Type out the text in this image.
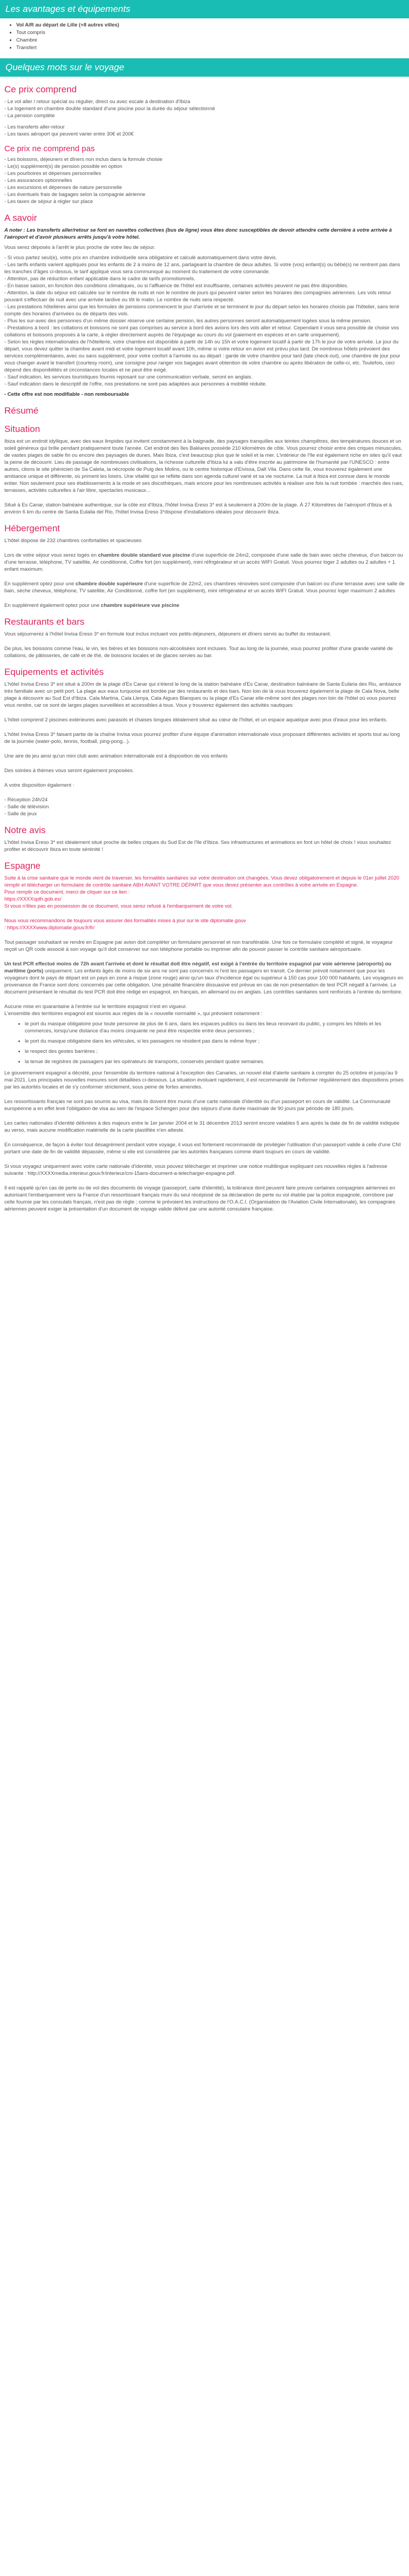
Les avantages et équipements
• Vol A/R au départ de Lille (+8 autres villes)
• Tout compris
• Chambre
• Transfert
Quelques mots sur le voyage
Ce prix comprend

- Le vol aller / retour spécial ou régulier, direct ou avec escale à destination d'Ibiza

- Le logement en chambre double standard d'une piscine pour la durée du séjour sélectionné

- La pension complète

- Les transferts aller-retour

- Les taxes aéroport qui peuvent varier entre 30€ et 200€

Ce prix ne comprend pas

- Les boissons, déjeuners et dîners non inclus dans la formule choisie

- Le(s) supplément(s) de pension possible en option

- Les pourboires et dépenses personnelles

- Les assurances optionnelles

- Les excursions et dépenses de nature personnelle

- Les éventuels frais de bagages selon la compagnie aérienne

- Les taxes de séjour à régler sur place

A savoir

A noter : Les transferts aller/retour se font en navettes collectives (bus de ligne) vous êtes donc susceptibles de devoir attendre cette dernière à votre arrivée à l'aéroport et d'avoir plusieurs arrêts jusqu'à votre hôtel.

Vous serez déposés à l'arrêt le plus proche de votre lieu de séjour.

- Si vous partez seul(e), votre prix en chambre individuelle sera obligatoire et calculé automatiquement dans votre devis.
- Les tarifs enfants varient appliqués pour les enfants de 2 à moins de 12 ans, partageant la chambre de deux adultes. Si votre (vos) enfant(s) ou bébé(s) ne rentrent pas dans les tranches d'âges ci-dessus, le tarif appliqué vous sera communiqué au moment du traitement de votre commande.
- Attention, pas de réduction enfant applicable dans le cadre de tarifs promotionnels.
- En basse saison, en fonction des conditions climatiques, ou si l'affluence de l'hôtel est insuffisante, certaines activités peuvent ne pas être disponibles.
- Attention, la date du séjour est calculée sur le nombre de nuits et non le nombre de jours qui peuvent varier selon les horaires des compagnies aériennes. Les vols retour pouvant s'effectuer de nuit avec une arrivée tardive ou tôt le matin. Le nombre de nuits sera respecté.
- Les prestations hôtelières ainsi que les formules de pensions commencent le jour d'arrivée et se terminent le jour du départ selon les horaires choisis par l'hôtelier, sans tenir compte des horaires d'arrivées ou de départs des vols.
- Plus les sur-avec des personnes d'un même dossier réserve une certaine pension, les autres personnes seront automatiquement logées sous la même pension.
- Prestations à bord : les collations et boissons ne sont pas comprises au service à bord des avions lors des vols aller et retour. Cependant il vous sera possible de choisir vos collations et boissons proposés à la carte, à régler directement auprès de l'équipage au cours du vol (paiement en espèces et en carte uniquement).
- Selon les règles internationales de l'hôtellerie, votre chambre est disponible à partir de 14h ou 15h et votre logement locatif à partir de 17h le jour de votre arrivée. Le jour du départ, vous devez quitter la chambre avant midi et votre logement locatif avant 10h, même si votre retour en avion est prévu plus tard. De nombreux hôtels prévoient des services complémentaires, avec ou sans supplément, pour votre confort à l'arrivée ou au départ : garde de votre chambre pour tard (late check-out), une chambre de jour pour vous changer avant le transfert (courtesy room), une consigne pour ranger vos bagages avant obtention de votre chambre ou après libération de celle-ci, etc. Toutefois, ceci dépend des disponibilités et circonstances locales et ne peut être exigé.
- Sauf indication, les services touristiques fournis reposant sur une communication verbale, seront en anglais.
- Sauf indication dans le descriptif de l'offre, nos prestations ne sont pas adaptées aux personnes à mobilité réduite.

- Cette offre est non modifiable - non remboursable

Résumé
Situation

Ibiza est un endroit idyllique, avec des eaux limpides qui invitent constamment à la baignade, des paysages tranquilles aux teintes champêtres, des températures douces et un soleil généreux qui brille pendant pratiquement toute l'année. Cet endroit des îles Baléares possède 210 kilomètres de côte. Vous pourrez choisir entre des criques minuscules, de vastes plages de sable fin ou encore des paysages de dunes. Mais Ibiza, c'est beaucoup plus que le soleil et la mer. L'intérieur de l'île est également riche en sites qu'il vaut la peine de découvrir. Lieu de passage de nombreuses civilisations, la richesse culturelle d'Ibiza lui a valu d'être inscrite au patrimoine de l'humanité par l'UNESCO : entre autres, citons le site phénicien de Sa Caleta, la nécropole de Puig des Molins, ou le centre historique d'Eivissa, Dalt Vila. Dans cette île, vous trouverez également une ambiance unique et différente, où priment les loisirs. Une vitalité qui se reflète dans son agenda culturel varié et sa vie nocturne. La nuit à Ibiza est connue dans le monde entier. Non seulement pour ses établissements à la mode et ses discothèques, mais encore pour les nombreuses activités à réaliser une fois la nuit tombée : marchés des rues, terrasses, activités culturelles à l'air libre, spectacles musicaux...

Situé à Es Canar, station balnéaire authentique, sur la côte est d'Ibiza, l'hôtel Invisa Ereso 3* est à seulement à 200m de la plage. À 27 Kilomètres de l'aéroport d'Ibiza et à environ 6 km du centre de Santa Eulalia del Rio, l'hôtel Invisa Ereso 3*dispose d'installations idéales pour découvrir Ibiza.

Hébergement

L'hôtel dispose de 232 chambres confortables et spacieuses

Lors de votre séjour vous serez logés en chambre double standard vue piscine d'une superficie de 24m2, composée d'une salle de bain avec sèche cheveux, d'un balcon ou d'une terrasse, téléphone, TV satellite, Air conditionné, Coffre fort (en supplément), mini réfrigérateur et un accès WIFI Gratuit. Vous pourrez loger 2 adultes ou 2 adultes + 1 enfant maximum.

En supplément optez pour une chambre double supérieure d'une superficie de 22m2, ces chambres rénovées sont composée d'un balcon ou d'une terrasse avec une salle de bain, sèche cheveux, téléphone, TV satellite, Air Conditionné, coffre fort (en supplément), mini réfrigérateur et un accès WIFI Gratuit. Vous pourrez loger maximum 2 adultes

En supplément également optez pour une chambre supérieure vue piscine

Restaurants et bars

Vous séjournerez à l'hôtel Invisa Ereso 3* en formule tout inclus incluant vos petits-déjeuners, déjeuners et dîners servis au buffet du restaurant.

De plus, les boissons comme l'eau, le vin, les bières et les boissons non-alcoolisées sont incluses. Tout au long de la journée, vous pourrez profiter d'une grande variété de collations, de pâtisseries, de café et de thé, de boissons locales et de glaces servies au bar.

Equipements et activités

L'hôtel Invisa Ereso 3* est situé à 200m de la plage d'Es Canar qui s'étend le long de la station balnéaire d'Es Canar, destination balnéaire de Santa Eulària des Riu, ambiance très familiale avec un petit port. La plage aux eaux turquoise est bordée par des restaurants et des bars. Non loin de là vous trouverez également la plage de Cala Nova, belle plage à découvrir au Sud Est d'Ibiza. Cala Martina, Cala Llenya, Cala Aigues Blanques ou la plage d'Es Canar elle-même sont des plages non loin de l'hôtel où vous pourrez vous rendre, car ce sont de larges plages surveillées et accessibles à tous. Vous y trouverez également des activités nautiques

L'hôtel comprend 2 piscines extérieures avec parasols et chaises longues idéalement situé au cœur de l'hôtel, et un espace aquatique avec jeux d'eaux pour les enfants.

L'hôtel Invisa Ereso 3* faisant partie de la chaîne Invisa vous pourrez profiter d'une équipe d'animation internationale vous proposant différentes activités et sports tout au long de la journée (water-polo, tennis, football, ping-pong...).

Une aire de jeu ainsi qu'un mini club avec animation internationale est à disposition de vos enfants

Des soirées à thèmes vous seront également proposées.

A votre disposition également :

- Réception 24h/24
- Salle de télévision
- Salle de jeux

Notre avis

L'hôtel Invisa Ereso 3* est idéalement situé proche de belles criques du Sud Est de l'île d'Ibiza. Ses infrastructures et animations en font un hôtel de choix ! vous souhaitez profiter et découvrir Ibiza en toute sérénité !

Espagne

Suite à la crise sanitaire que le monde vient de traverser, les formalités sanitaires sur votre destination ont changées. Vous devez obligatoirement et depuis le 01er juillet 2020 remplir et télécharger un formulaire de contrôle sanitaire ABH AVANT VOTRE DÉPART que vous devez présenter aux contrôles à votre arrivée en Espagne.
Pour remplir ce document, merci de cliquer sur ce lien :
https://XXXXspth.gob.es/
Si vous n'êtes pas en possession de ce document, vous serez refusé à l'embarquement de votre vol.

Nous vous recommandons de toujours vous assurer des formalités mises à jour sur le site diplomatie.gouv
: https://XXXXwww.diplomatie.gouv.fr/fr/

Tout passager souhaitant se rendre en Espagne par avion doit compléter un formulaire personnel et non transférable. Une fois ce formulaire complété et signé, le voyageur reçoit un QR code associé à son voyage qu'il doit conserver sur son téléphone portable ou imprimer afin de pouvoir passer le contrôle sanitaire aéroportuaire.

Un test PCR effectué moins de 72h avant l'arrivée et dont le résultat doit être négatif, est exigé à l'entrée du territoire espagnol par voie aérienne (aéroports) ou maritime (ports) uniquement. Les enfants âgés de moins de six ans ne sont pas concernés ni l'est les passagers en transit. Ce dernier prévoit notamment que pour les voyageurs dont le pays de départ est un pays en zone à risque (zone rouge) ainsi qu'un taux d'incidence égal ou supérieur à 150 cas pour 100 000 habitants. Les voyageurs en provenance de France sont donc concernés par cette obligation. Une pénalité financière dissuasive est prévue en cas de non présentation de test PCR négatif à l'arrivée. Le document présentant le résultat du test PCR doit être rédigé en espagnol, en français, en allemand ou en anglais. Les contrôles sanitaires sont renforcés à l'entrée du territoire.

Aucune mise en quarantaine à l'entrée sur le territoire espagnol n'est en vigueur.
L'ensemble des territoires espagnol est soumis aux règles de la « nouvelle normalité », qui prévoient notamment :

• le port du masque obligatoire pour toute personne de plus de 6 ans, dans les espaces publics ou dans les lieux recevant du public, y compris les hôtels et les commerces, lorsqu'une distance d'au moins cinquante ne peut être respectée entre deux personnes ;
• le port du masque obligatoire dans les véhicules, si les passagers ne résident pas dans le même foyer ;
• le respect des gestes barrières ;
• la tenue de registres de passagers par les opérateurs de transports, conservés pendant quatre semaines.

Le gouvernement espagnol a décrété, pour l'ensemble du territoire national à l'exception des Canaries, un nouvel état d'alerte sanitaire à compter du 25 octobre et jusqu'au 9 mai 2021. Les principales nouvelles mesures sont détaillées ci-dessous. La situation évoluant rapidement, il est recommandé de l'informer régulièrement des dispositions prises par les autorités locales et de s'y conformer strictement, sous peine de fortes amendes.

Les ressortissants français ne sont pas soumis au visa, mais ils doivent être munis d'une carte nationale d'identité ou d'un passeport en cours de validité. La Communauté européenne a en effet levé l'obligation de visa au sein de l'espace Schengen pour des séjours d'une durée maximale de 90 jours par période de 180 jours.

Les cartes nationales d'identité délivrées à des majeurs entre le 1er janvier 2004 et le 31 décembre 2013 seront encore valables 5 ans après la date de fin de validité indiquée au verso, mais aucune modification matérielle de la carte plastifiée n'en atteste.

En conséquence, de façon à éviter tout désagrément pendant votre voyage, il vous est fortement recommandé de privilégier l'utilisation d'un passeport valide à celle d'une CNI portant une date de fin de validité dépassée, même si elle est considérée par les autorités françaises comme étant toujours en cours de validité.

Si vous voyagez uniquement avec votre carte nationale d'identité, vous pouvez télécharger et imprimer une notice multilingue expliquant ces nouvelles règles à l'adresse suivante : http://XXXXmedia.interieur.gouv.fr/interieur/cni-15ans-document-a-telecharger-espagne.pdf.

Il est rappelé qu'en cas de perte ou de vol des documents de voyage (passeport, carte d'identité), la tolérance dont peuvent faire preuve certaines compagnies aériennes en autorisant l'embarquement vers la France d'un ressortissant français muni du seul récépissé de sa déclaration de perte ou vol établie par la police espagnole, corrobore par celle fournie par les consulats français, n'est pas de règle ; comme le prévoient les instructions de l'O.A.C.I. (Organisation de l'Aviation Civile Internationale), les compagnies aériennes peuvent exiger la présentation d'un document de voyage valide délivré par une autorité consulaire française.
